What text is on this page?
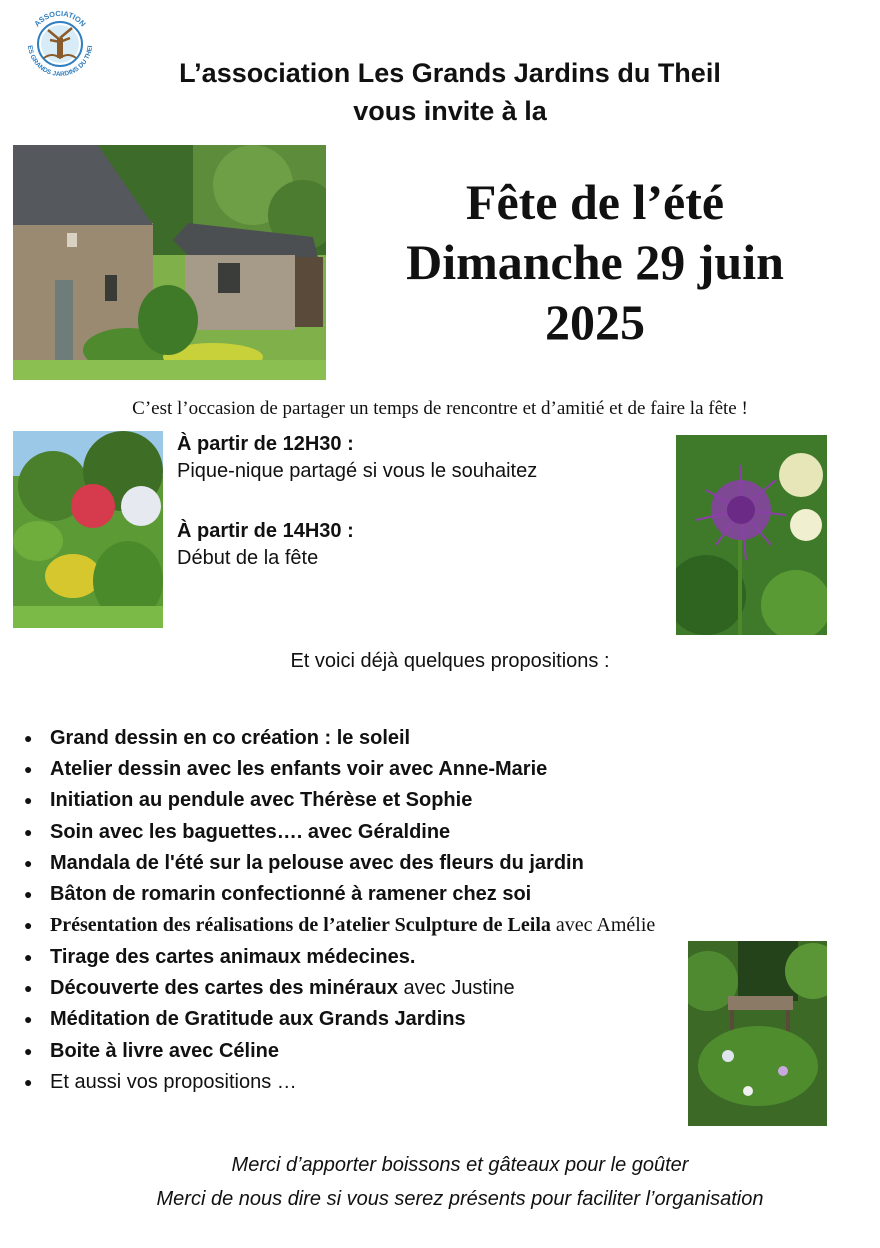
ASSOCIATION
ES GRANDS JARDINS DU THEI
L’association Les Grands Jardins du Theil
vous invite à la
Fête de l’été
Dimanche 29 juin
2025
C’est l’occasion de partager un temps de rencontre et d’amitié et de faire la fête !
À partir de 12H30 :
Pique-nique partagé si vous le souhaitez
À partir de 14H30 :
Début de la fête
Et voici déjà quelques propositions :
● Grand dessin en co création : le soleil
● Atelier dessin avec les enfants voir avec Anne-Marie
● Initiation au pendule avec Thérèse et Sophie
● Soin avec les baguettes…. avec Géraldine
● Mandala de l'été sur la pelouse avec des fleurs du jardin
● Bâton de romarin confectionné à ramener chez soi
● Présentation des réalisations de l’atelier Sculpture de Leila avec Amélie
● Tirage des cartes animaux médecines.
● Découverte des cartes des minéraux avec Justine
● Méditation de Gratitude aux Grands Jardins
● Boite à livre avec Céline
● Et aussi vos propositions …
Merci d’apporter boissons et gâteaux pour le goûter
Merci de nous dire si vous serez présents pour faciliter l’organisation
